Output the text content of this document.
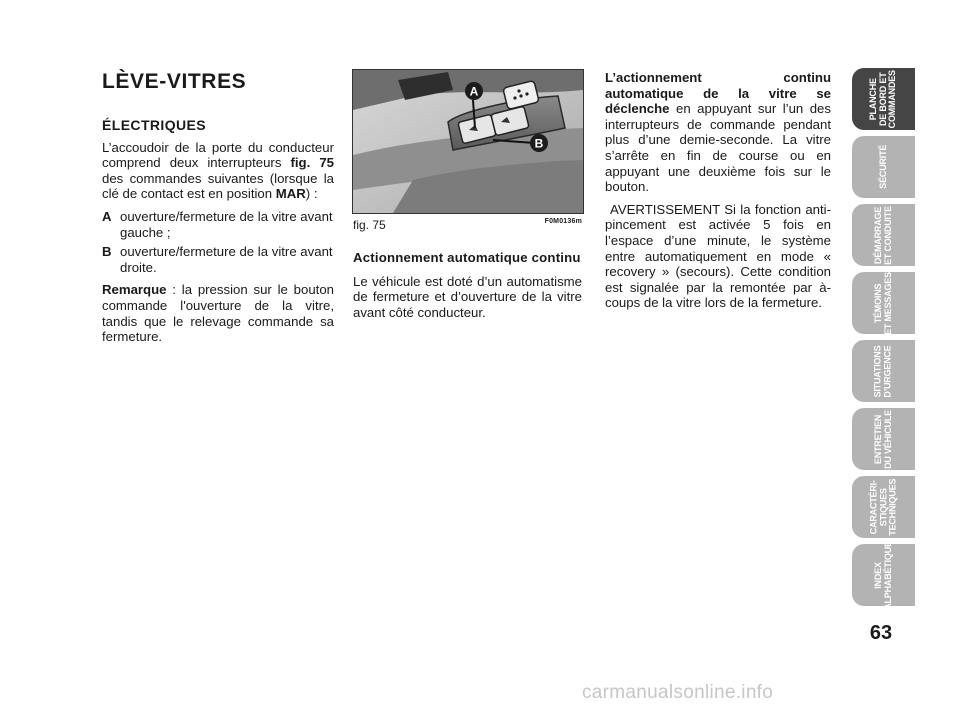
LÈVE-VITRES
ÉLECTRIQUES

L’accoudoir de la porte du conducteur comprend deux interrupteurs fig. 75 des commandes suivantes (lorsque la clé de contact est en position MAR) :

A ouverture/fermeture de la vitre avant gauche ;
B ouverture/fermeture de la vitre avant droite.

Remarque : la pression sur le bouton commande l'ouverture de la vitre, tandis que le relevage commande sa fermeture.

A
B
fig. 75	F0M0136m
Actionnement automatique continu

Le véhicule est doté d’un automatisme de fermeture et d’ouverture de la vitre avant côté conducteur.

L’actionnement continu automatique de la vitre se déclenche en appuyant sur l’un des interrupteurs de commande pendant plus d’une demie-seconde. La vitre s’arrête en fin de course ou en appuyant une deuxième fois sur le bouton.

AVERTISSEMENT Si la fonction anti-pincement est activée 5 fois en l’espace d’une minute, le système entre automatiquement en mode « recovery » (secours). Cette condition est signalée par la remontée par à-coups de la vitre lors de la fermeture.

PLANCHE
DE BORD ET
COMMANDES
SÉCURITÉ
DÉMARRAGE
ET CONDUITE
TÉMOINS
ET MESSAGES
SITUATIONS
D’URGENCE
ENTRETIEN
DU VÉHICULE
CARACTÉRI-
STIQUES
TECHNIQUES
INDEX
ALPHABÉTIQUE
63
carmanualsonline.info
